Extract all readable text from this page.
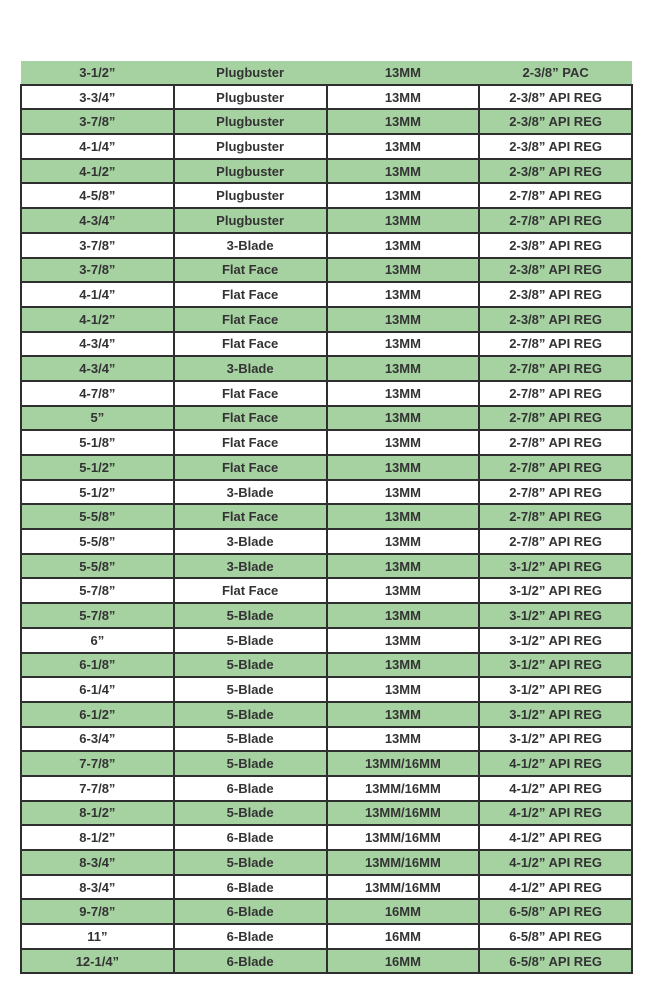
3-1/2”	Plugbuster	13MM	2-3/8” PAC
3-3/4”	Plugbuster	13MM	2-3/8” API REG
3-7/8”	Plugbuster	13MM	2-3/8” API REG
4-1/4”	Plugbuster	13MM	2-3/8” API REG
4-1/2”	Plugbuster	13MM	2-3/8” API REG
4-5/8”	Plugbuster	13MM	2-7/8” API REG
4-3/4”	Plugbuster	13MM	2-7/8” API REG
3-7/8”	3-Blade	13MM	2-3/8” API REG
3-7/8”	Flat Face	13MM	2-3/8” API REG
4-1/4”	Flat Face	13MM	2-3/8” API REG
4-1/2”	Flat Face	13MM	2-3/8” API REG
4-3/4”	Flat Face	13MM	2-7/8” API REG
4-3/4”	3-Blade	13MM	2-7/8” API REG
4-7/8”	Flat Face	13MM	2-7/8” API REG
5”	Flat Face	13MM	2-7/8” API REG
5-1/8”	Flat Face	13MM	2-7/8” API REG
5-1/2”	Flat Face	13MM	2-7/8” API REG
5-1/2”	3-Blade	13MM	2-7/8” API REG
5-5/8”	Flat Face	13MM	2-7/8” API REG
5-5/8”	3-Blade	13MM	2-7/8” API REG
5-5/8”	3-Blade	13MM	3-1/2” API REG
5-7/8”	Flat Face	13MM	3-1/2” API REG
5-7/8”	5-Blade	13MM	3-1/2” API REG
6”	5-Blade	13MM	3-1/2” API REG
6-1/8”	5-Blade	13MM	3-1/2” API REG
6-1/4”	5-Blade	13MM	3-1/2” API REG
6-1/2”	5-Blade	13MM	3-1/2” API REG
6-3/4”	5-Blade	13MM	3-1/2” API REG
7-7/8”	5-Blade	13MM/16MM	4-1/2” API REG
7-7/8”	6-Blade	13MM/16MM	4-1/2” API REG
8-1/2”	5-Blade	13MM/16MM	4-1/2” API REG
8-1/2”	6-Blade	13MM/16MM	4-1/2” API REG
8-3/4”	5-Blade	13MM/16MM	4-1/2” API REG
8-3/4”	6-Blade	13MM/16MM	4-1/2” API REG
9-7/8”	6-Blade	16MM	6-5/8” API REG
11”	6-Blade	16MM	6-5/8” API REG
12-1/4”	6-Blade	16MM	6-5/8” API REG
